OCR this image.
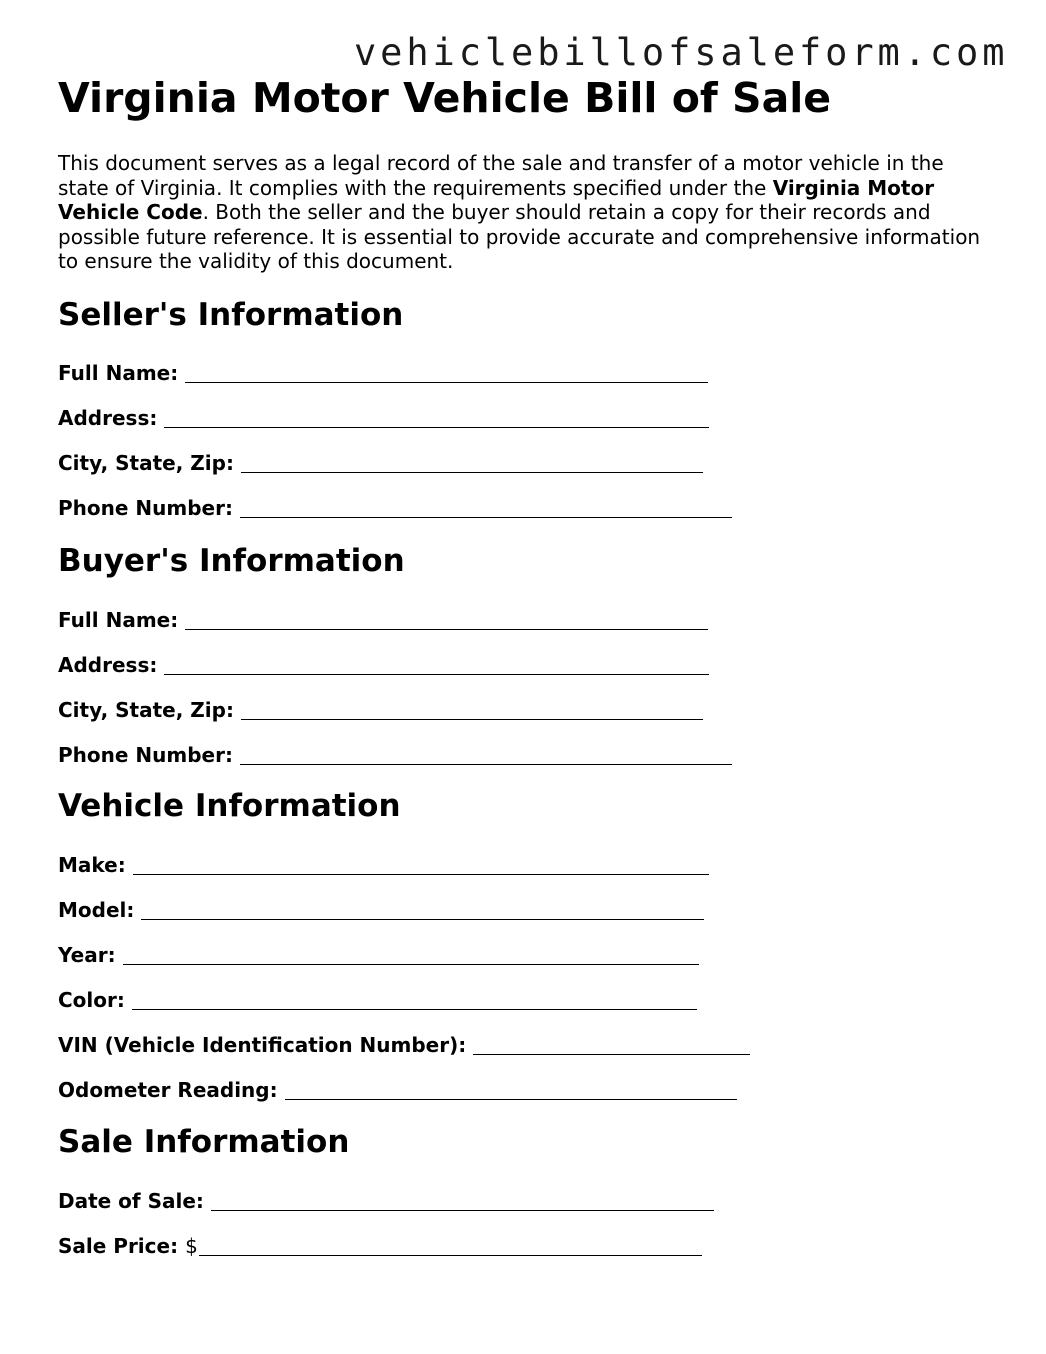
vehiclebillofsaleform.com
Virginia Motor Vehicle Bill of Sale

This document serves as a legal record of the sale and transfer of a motor vehicle in the state of Virginia. It complies with the requirements specified under the Virginia Motor Vehicle Code. Both the seller and the buyer should retain a copy for their records and possible future reference. It is essential to provide accurate and comprehensive information to ensure the validity of this document.

Seller's Information
Full Name:
Address:
City, State, Zip:
Phone Number:
Buyer's Information
Full Name:
Address:
City, State, Zip:
Phone Number:
Vehicle Information
Make:
Model:
Year:
Color:
VIN (Vehicle Identification Number):
Odometer Reading:
Sale Information
Date of Sale:
Sale Price: $
